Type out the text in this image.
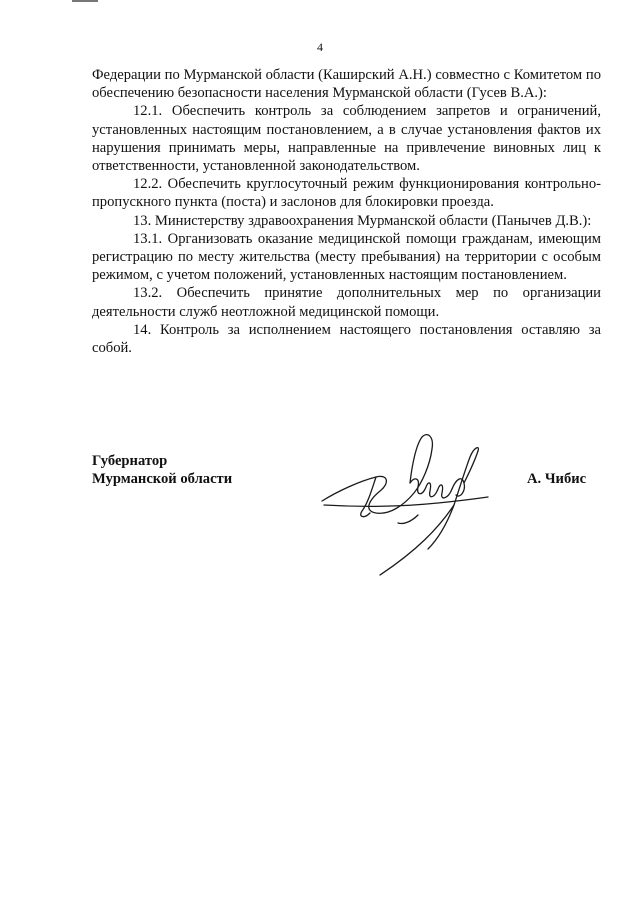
4

Федерации по Мурманской области (Каширский А.Н.) совместно с Комитетом по обеспечению безопасности населения Мурманской области (Гусев В.А.):

12.1. Обеспечить контроль за соблюдением запретов и ограничений, установленных настоящим постановлением, а в случае установления фактов их нарушения принимать меры, направленные на привлечение виновных лиц к ответственности, установленной законодательством.

12.2. Обеспечить круглосуточный режим функционирования контрольно-пропускного пункта (поста) и заслонов для блокировки проезда.

13. Министерству здравоохранения Мурманской области (Панычев Д.В.):

13.1. Организовать оказание медицинской помощи гражданам, имеющим регистрацию по месту жительства (месту пребывания) на территории с особым режимом, с учетом положений, установленных настоящим постановлением.

13.2. Обеспечить принятие дополнительных мер по организации деятельности служб неотложной медицинской помощи.

14. Контроль за исполнением настоящего постановления оставляю за собой.

Губернатор
Мурманской области	А. Чибис
